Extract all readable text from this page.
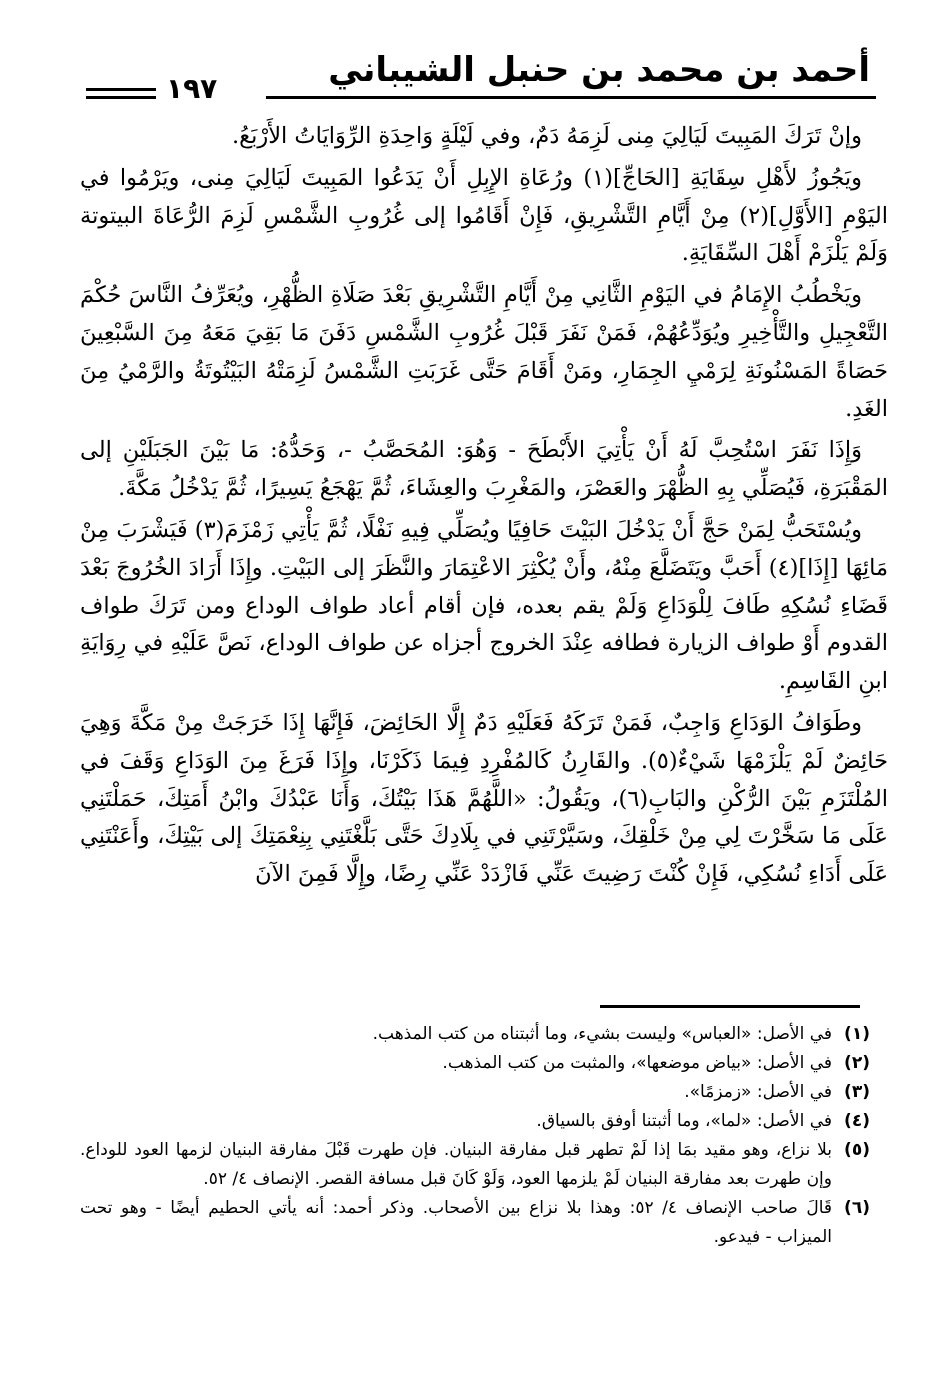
أحمد بن محمد بن حنبل الشيباني
١٩٧

وإنْ تَرَكَ المَبِيتَ لَيَالِيَ مِنى لَزِمَهُ دَمٌ، وفي لَيْلَةٍ وَاحِدَةِ الرِّوَايَاتُ الأَرْبَعُ.

ويَجُوزُ لأَهْلِ سِقَايَةِ [الحَاجِّ](١) ورُعَاةِ الإِبِلِ أَنْ يَدَعُوا المَبِيتَ لَيَالِيَ مِنى، ويَرْمُوا في اليَوْمِ [الأَوَّلِ](٢) مِنْ أَيَّامِ التَّشْرِيقِ، فَإِنْ أَقَامُوا إلى غُرُوبِ الشَّمْسِ لَزِمَ الرُّعَاةَ البيتوتة وَلَمْ يَلْزَمْ أَهْلَ السِّقَايَةِ.

ويَخْطُبُ الإِمَامُ في اليَوْمِ الثَّانِي مِنْ أَيَّامِ التَّشْرِيقِ بَعْدَ صَلَاةِ الظُّهْرِ، ويُعَرِّفُ النَّاسَ حُكْمَ التَّعْجِيلِ والتَّأْخِيرِ ويُوَدِّعُهُمْ، فَمَنْ نَفَرَ قَبْلَ غُرُوبِ الشَّمْسِ دَفَنَ مَا بَقِيَ مَعَهُ مِنَ السَّبْعِينَ حَصَاةً المَسْنُونَةِ لِرَمْيِ الجِمَارِ، ومَنْ أَقَامَ حَتَّى غَرَبَتِ الشَّمْسُ لَزِمَتْهُ البَيْتُوتَةُ والرَّمْيُ مِنَ الغَدِ.

وَإِذَا نَفَرَ اسْتُحِبَّ لَهُ أَنْ يَأْتِيَ الأَبْطَحَ - وَهُوَ: المُحَصَّبُ -، وَحَدُّهُ: مَا بَيْنَ الجَبَلَيْنِ إلى المَقْبَرَةِ، فَيُصَلِّي بِهِ الظُّهْرَ والعَصْرَ، والمَغْرِبَ والعِشَاءَ، ثُمَّ يَهْجَعُ يَسِيرًا، ثُمَّ يَدْخُلُ مَكَّةَ.

ويُسْتَحَبُّ لِمَنْ حَجَّ أَنْ يَدْخُلَ البَيْتَ حَافِيًا ويُصَلِّي فِيهِ نَفْلًا، ثُمَّ يَأْتِي زَمْزَمَ(٣) فَيَشْرَبَ مِنْ مَائِهَا [إِذَا](٤) أَحَبَّ ويَتَضَلَّعَ مِنْهُ، وأَنْ يُكْثِرَ الاعْتِمَارَ والنَّظَرَ إلى البَيْتِ. وإِذَا أَرَادَ الخُرُوجَ بَعْدَ قَضَاءِ نُسُكِهِ طَافَ لِلْوَدَاعِ وَلَمْ يقم بعده، فإن أقام أعاد طواف الوداع ومن تَرَكَ طواف القدوم أَوْ طواف الزيارة فطافه عِنْدَ الخروج أجزاه عن طواف الوداع، نَصَّ عَلَيْهِ في رِوَايَةِ ابنِ القَاسِمِ.

وطَوَافُ الوَدَاعِ وَاجِبٌ، فَمَنْ تَرَكَهُ فَعَلَيْهِ دَمٌ إِلَّا الحَائِضَ، فَإِنَّهَا إِذَا خَرَجَتْ مِنْ مَكَّةَ وَهِيَ حَائِضٌ لَمْ يَلْزَمْهَا شَيْءٌ(٥). والقَارِنُ كَالمُفْرِدِ فِيمَا ذَكَرْنَا، وإِذَا فَرَغَ مِنَ الوَدَاعِ وَقَفَ في المُلْتَزَمِ بَيْنَ الرُّكْنِ والبَابِ(٦)، ويَقُولُ: «اللَّهُمَّ هَذَا بَيْتُكَ، وَأَنَا عَبْدُكَ وابْنُ أَمَتِكَ، حَمَلْتَنِي عَلَى مَا سَخَّرْتَ لِي مِنْ خَلْقِكَ، وسَيَّرْتَنِي في بِلَادِكَ حَتَّى بَلَّغْتَنِي بِنِعْمَتِكَ إلى بَيْتِكَ، وأَعَنْتَنِي عَلَى أَدَاءِ نُسُكِي، فَإِنْ كُنْتَ رَضِيتَ عَنِّي فَازْدَدْ عَنِّي رِضًا، وإِلَّا فَمِنَ الآنَ

(١)
في الأصل: «العباس» وليست بشيء، وما أثبتناه من كتب المذهب.
(٢)
في الأصل: «بياض موضعها»، والمثبت من كتب المذهب.
(٣)
في الأصل: «زمزمًا».
(٤)
في الأصل: «لما»، وما أثبتنا أوفق بالسياق.
(٥)
بلا نزاع، وهو مقيد بمَا إذا لَمْ تطهر قبل مفارقة البنيان. فإن طهرت قَبْلَ مفارقة البنيان لزمها العود للوداع. وإن طهرت بعد مفارقة البنيان لَمْ يلزمها العود، وَلَوْ كَانَ قبل مسافة القصر. الإنصاف ٤/ ٥٢.
(٦)
قَالَ صاحب الإنصاف ٤/ ٥٢: وهذا بلا نزاع بين الأصحاب. وذكر أحمد: أنه يأتي الحطيم أيضًا - وهو تحت الميزاب - فيدعو.
